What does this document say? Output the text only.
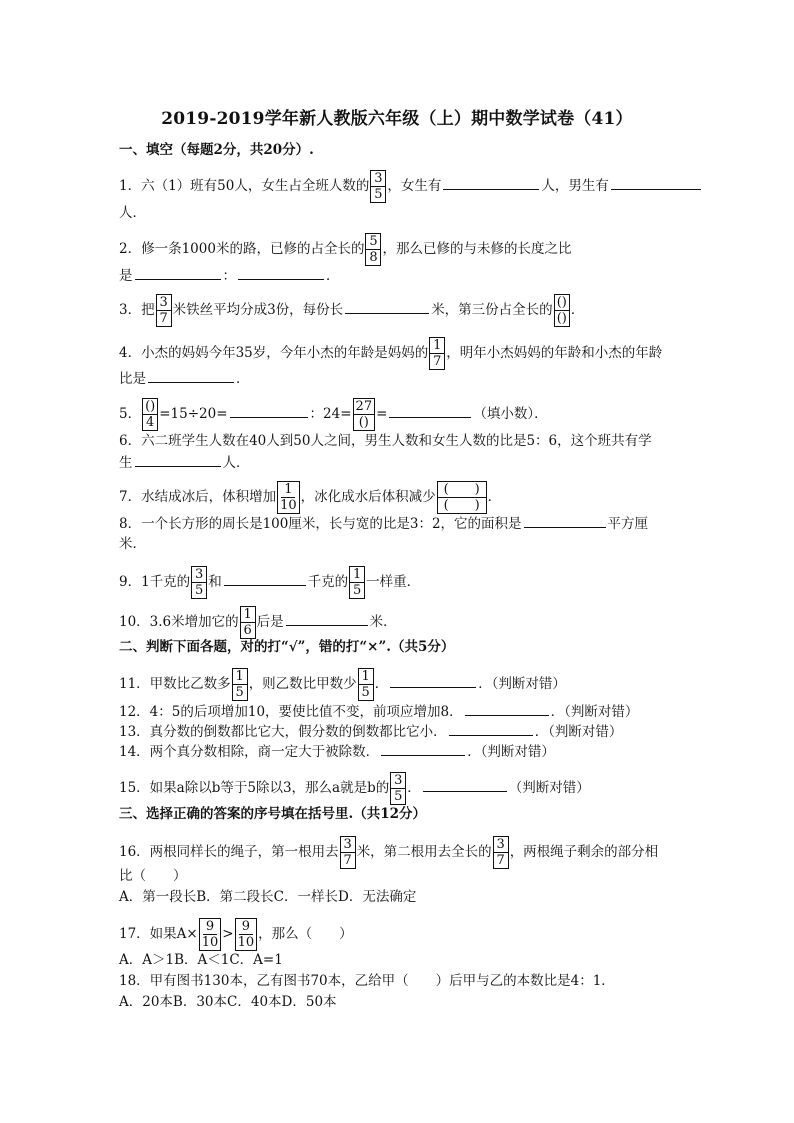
2019-2019学年新人教版六年级（上）期中数学试卷（41）
一、填空（每题2分，共20分）.
1．六（1）班有50人，女生占全班人数的 $\frac{3}{5}$ ，女生有	人，男生有
人．
2．修一条1000米的路，已修的占全长的 $\frac{5}{8}$ ，那么已修的与未修的长度之比
是	：	．
3．把 $\frac{3}{7}$ 米铁丝平均分成3份，每份长	米，第三份占全长的 $\frac{()}{()}$ ．
4．小杰的妈妈今年35岁，今年小杰的年龄是妈妈的 $\frac{1}{7}$ ，明年小杰妈妈的年龄和小杰的年龄
比是	．
5． $\frac{()}{4} =15\div 20=$	：$24= \frac{27}{()}$ =	（填小数）．
6．六二班学生人数在40人到50人之间，男生人数和女生人数的比是5：6，这个班共有学
生	人．
7．水结成冰后，体积增加 $\frac{1}{10}$ ，冰化成水后体积减少 $\frac{( )}{( )}$ ．
8．一个长方形的周长是100厘米，长与宽的比是3：2，它的面积是	平方厘
米．
9．1千克的 $\frac{3}{5}$ 和	千克的 $\frac{1}{5}$ 一样重．
10．3.6米增加它的 $\frac{1}{6}$ 后是	米．
二、判断下面各题，对的打“√”，错的打“×”.（共5分）
11．甲数比乙数多 $\frac{1}{5}$ ，则乙数比甲数少 $\frac{1}{5}$ ．	．（判断对错）
12．4：5的后项增加10，要使比值不变，前项应增加8．	．（判断对错）
13．真分数的倒数都比它大，假分数的倒数都比它小．	．（判断对错）
14．两个真分数相除，商一定大于被除数．	．（判断对错）
15．如果a除以b等于5除以3，那么a就是b的 $\frac{3}{5}$ ．	（判断对错）
三、选择正确的答案的序号填在括号里.（共12分）
16．两根同样长的绳子，第一根用去 $\frac{3}{7}$ 米，第二根用去全长的 $\frac{3}{7}$ ，两根绳子剩余的部分相
比（　　）
A．第一段长B．第二段长C．一样长D．无法确定
17．如果$A\times \frac{9}{10} > \frac{9}{10}$ ，那么（　　）
A．A＞1B．A＜1C．A=1
18．甲有图书130本，乙有图书70本，乙给甲（　　）后甲与乙的本数比是4：1．
A．20本B．30本C．40本D．50本
